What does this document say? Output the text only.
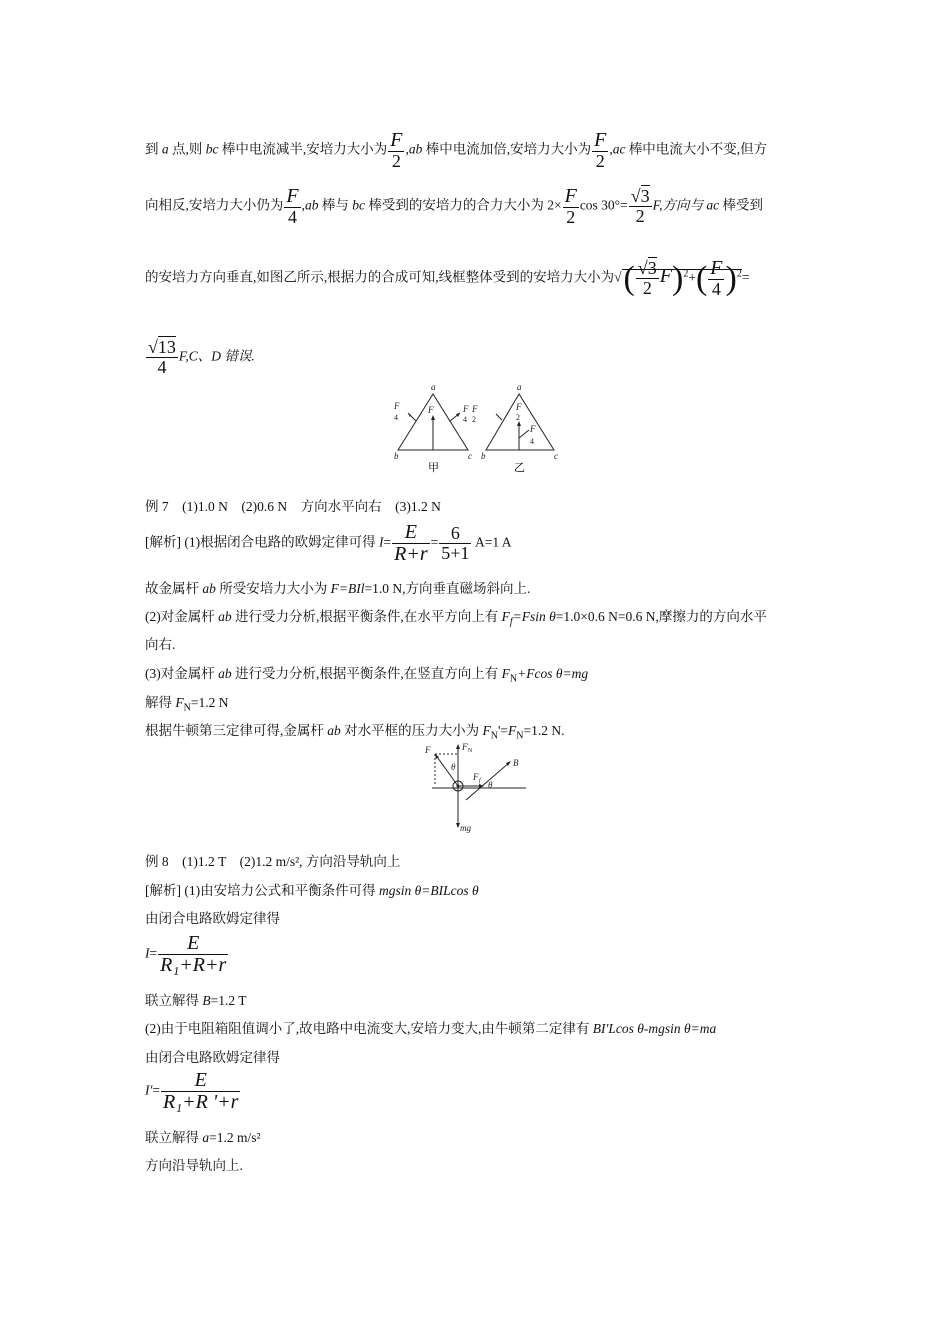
到 a 点,则 bc 棒中电流减半,安培力大小为 $\frac{F}{2} ,ab$ 棒中电流加倍,安培力大小为 $\frac{F}{2} ,ac$ 棒中电流大小不变,但方
向相反,安培力大小仍为 $\frac{F}{4} ,ab$ 棒与 bc 棒受到的安培力的合力大小为 $2\times \frac{F}{2}$ $\cos 30^\circ= \frac{√3}{2} F$,方向与 ac 棒受到
的安培力方向垂直,如图乙所示,根据力的合成可知,线框整体受到的安培力大小为√( $\frac{√3}{2} F)^2+( \frac{F}{4} )^2=$
$\frac{√13}{4} F,C$、D 错误.
a
b	c
F
F	F F
a
b	c
F
F
4	4 2	2
4
甲	乙
例 7　(1)1.0 N　(2)0.6 N　方向水平向右　(3)1.2 N
[解析] (1)根据闭合电路的欧姆定律可得 $I= \frac{E}{R+r} = \frac{6}{5+1} A=1$ A
故金属杆 ab 所受安培力大小为 F=BIl=1.0 N,方向垂直磁场斜向上.
(2)对金属杆 ab 进行受力分析,根据平衡条件,在水平方向上有 $F_f=Fsin$ θ=1.0×0.6 N=0.6 N,摩擦力的方向水平
向右.
(3)对金属杆 ab 进行受力分析,根据平衡条件,在竖直方向上有 $F_N+Fcos$ θ=mg
解得 $F_N=1.2$ N
根据牛顿第三定律可得,金属杆 ab 对水平框的压力大小为 $F_N'=F_N=1.2$ N.
F	F N
θ
F f
B
θ
mg
例 8　(1)1.2 T　(2)1.2 m/s², 方向沿导轨向上
[解析] (1)由安培力公式和平衡条件可得 mgsin θ=BILcos θ
由闭合电路欧姆定律得
$I= \frac{E}{\text{R₁+R+r}}$
联立解得 B=1.2 T
(2)由于电阻箱阻值调小了,故电路中电流变大,安培力变大,由牛顿第二定律有 BI'Lcos θ-mgsin θ=ma
由闭合电路欧姆定律得
$I'= \frac{E}{\text{R₁+R '+r}}$
联立解得 a=1.2 m/s²
方向沿导轨向上.
